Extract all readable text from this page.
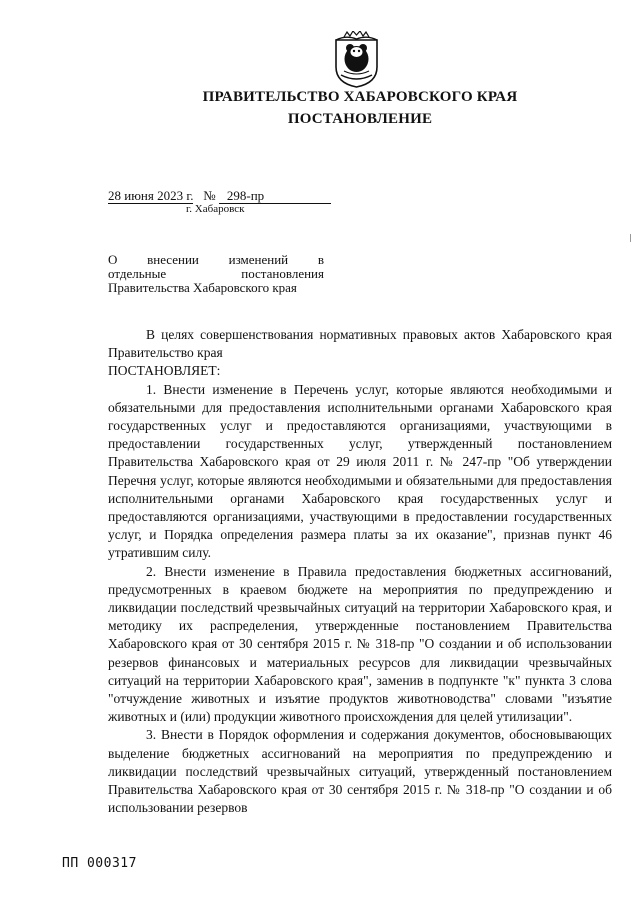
ПРАВИТЕЛЬСТВО ХАБАРОВСКОГО КРАЯ
ПОСТАНОВЛЕНИЕ
28 июня 2023 г. № 298-пр
г. Хабаровск
О внесении изменений в
отдельные постановления
Правительства Хабаровского края

В целях совершенствования нормативных правовых актов Хабаровского края Правительство края

ПОСТАНОВЛЯЕТ:

1. Внести изменение в Перечень услуг, которые являются необходимыми и обязательными для предоставления исполнительными органами Хабаровского края государственных услуг и предоставляются организациями, участвующими в предоставлении государственных услуг, утвержденный постановлением Правительства Хабаровского края от 29 июля 2011 г. № 247-пр "Об утверждении Перечня услуг, которые являются необходимыми и обязательными для предоставления исполнительными органами Хабаровского края государственных услуг и предоставляются организациями, участвующими в предоставлении государственных услуг, и Порядка определения размера платы за их оказание", признав пункт 46 утратившим силу.

2. Внести изменение в Правила предоставления бюджетных ассигнований, предусмотренных в краевом бюджете на мероприятия по предупреждению и ликвидации последствий чрезвычайных ситуаций на территории Хабаровского края, и методику их распределения, утвержденные постановлением Правительства Хабаровского края от 30 сентября 2015 г. № 318-пр "О создании и об использовании резервов финансовых и материальных ресурсов для ликвидации чрезвычайных ситуаций на территории Хабаровского края", заменив в подпункте "к" пункта 3 слова "отчуждение животных и изъятие продуктов животноводства" словами "изъятие животных и (или) продукции животного происхождения для целей утилизации".

3. Внести в Порядок оформления и содержания документов, обосновывающих выделение бюджетных ассигнований на мероприятия по предупреждению и ликвидации последствий чрезвычайных ситуаций, утвержденный постановлением Правительства Хабаровского края от 30 сентября 2015 г. № 318-пр "О создании и об использовании резервов

ПП 000317
